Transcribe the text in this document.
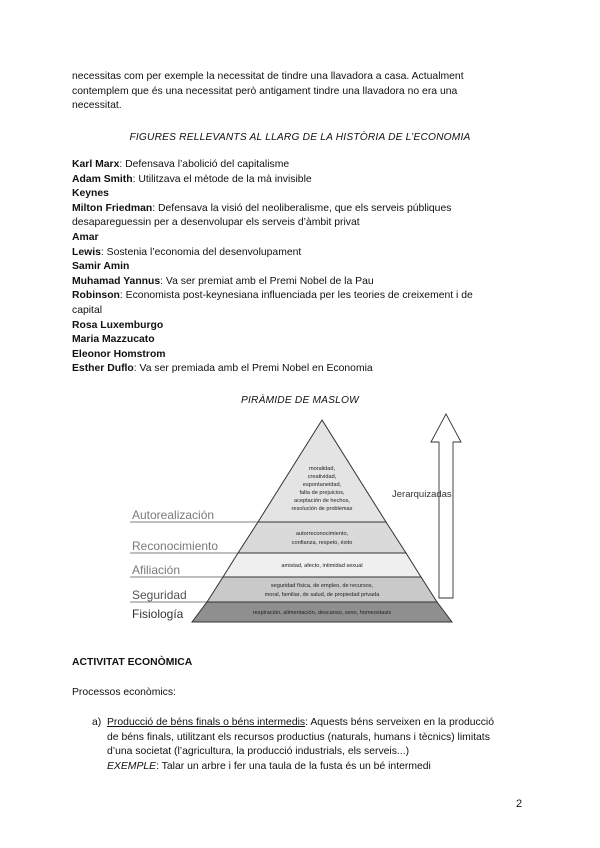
necessitas com per exemple la necessitat de tindre una llavadora a casa. Actualment
contemplem que és una necessitat però antigament tindre una llavadora no era una
necessitat.
FIGURES RELLEVANTS AL LLARG DE LA HISTÒRIA DE L’ECONOMIA
Karl Marx: Defensava l’abolició del capitalisme
Adam Smith: Utilitzava el mètode de la mà invisible
Keynes
Milton Friedman: Defensava la visió del neoliberalisme, que els serveis públiques
desapareguessin per a desenvolupar els serveis d’àmbit privat
Amar
Lewis: Sostenia l’economia del desenvolupament
Samir Amin
Muhamad Yannus: Va ser premiat amb el Premi Nobel de la Pau
Robinson: Economista post-keynesiana influenciada per les teories de creixement i de
capital
Rosa Luxemburgo
Maria Mazzucato
Eleonor Homstrom
Esther Duflo: Va ser premiada amb el Premi Nobel en Economia
PIRÀMIDE DE MASLOW
Autorealización
Reconocimiento
Afiliación
Seguridad
Fisiología
moralidad,
creatividad,
espontaneidad,
falta de prejuicios,
aceptación de hechos,
resolución de problemas
autorreconocimiento,
confianza, respeto, éxito
amistad, afecto, intimidad sexual
seguridad física, de empleo, de recursos,
moral, familiar, de salud, de propiedad privada
respiración, alimentación, descanso, sexo, homeostasis
Jerarquizadas
ACTIVITAT ECONÒMICA
Processos econòmics:
a) Producció de béns finals o béns intermedis: Aquests béns serveixen en la producció
de béns finals, utilitzant els recursos productius (naturals, humans i tècnics) limitats
d’una societat (l’agricultura, la producció industrials, els serveis...)
EXEMPLE: Talar un arbre i fer una taula de la fusta és un bé intermedi
2
